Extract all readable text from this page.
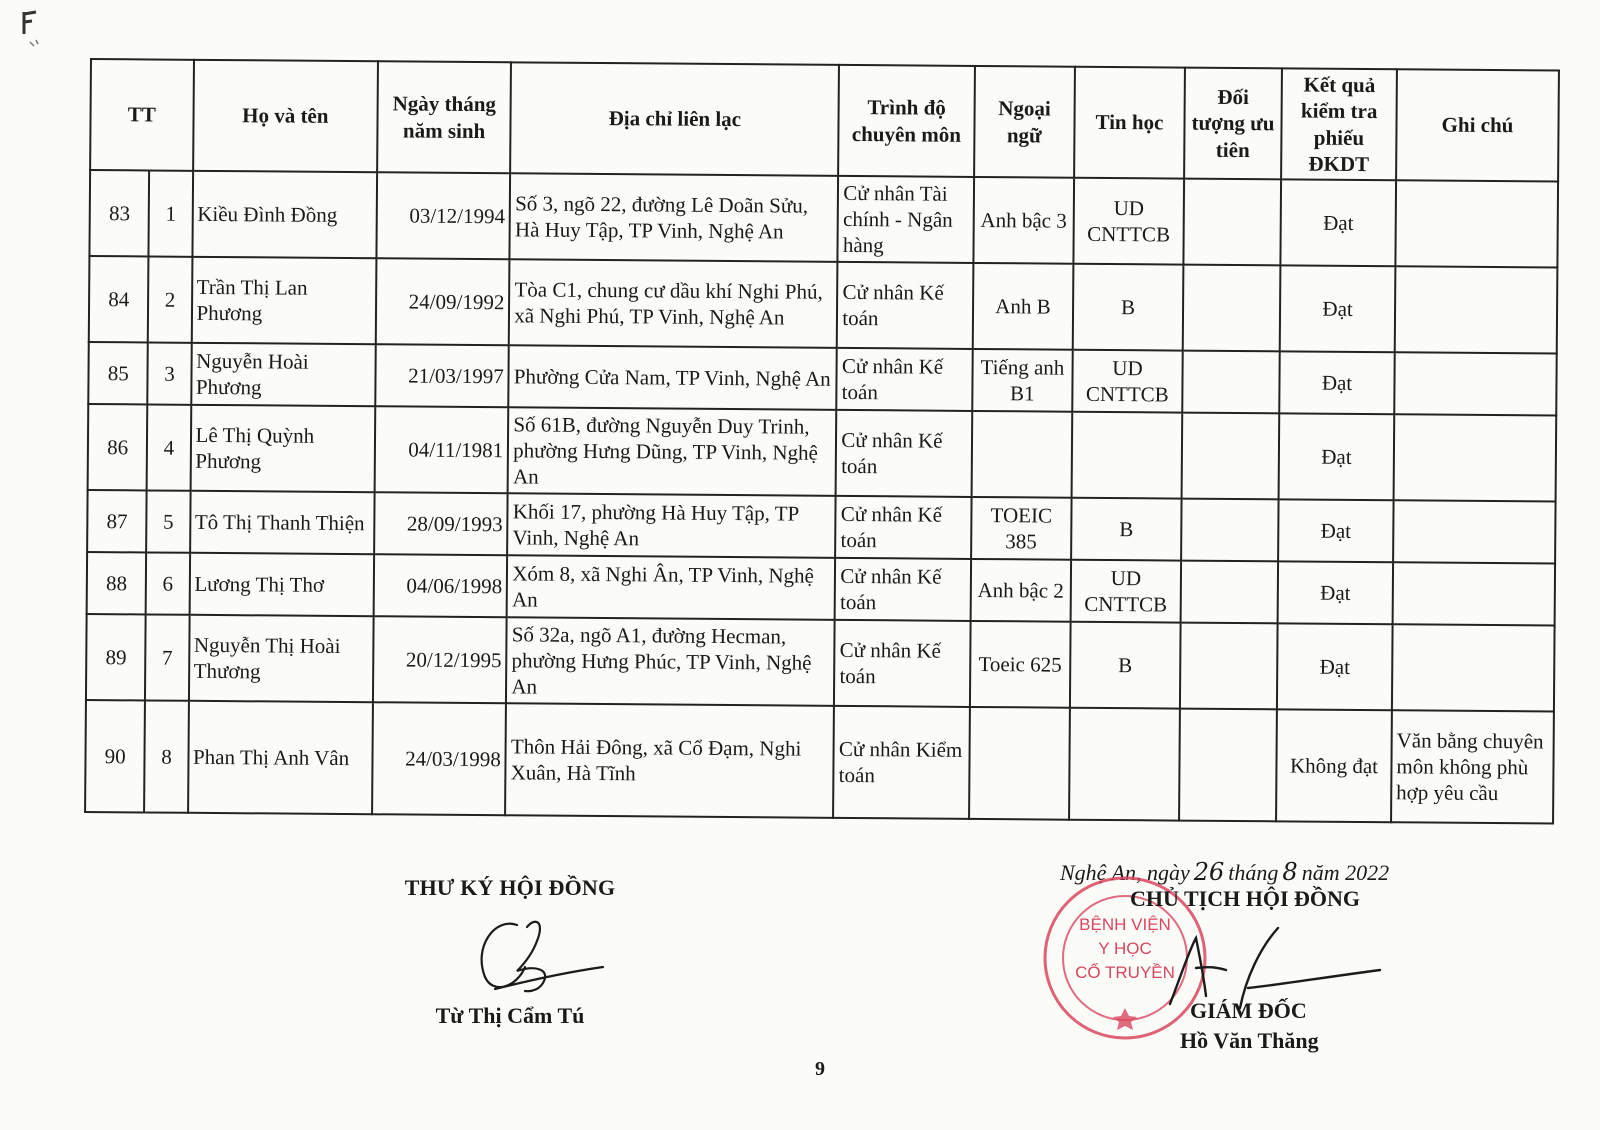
TT		Họ và tên	Ngày tháng năm sinh	Địa chỉ liên lạc	Trình độ chuyên môn	Ngoại ngữ	Tin học	Đối tượng ưu tiên	Kết quả kiểm tra phiếu ĐKDT	Ghi chú
83	1	Kiều Đình Đồng	03/12/1994	Số 3, ngõ 22, đường Lê Doãn Sửu, Hà Huy Tập, TP Vinh, Nghệ An	Cử nhân Tài chính - Ngân hàng	Anh bậc 3	UD CNTTCB		Đạt	
84	2	Trần Thị Lan Phương	24/09/1992	Tòa C1, chung cư dầu khí Nghi Phú, xã Nghi Phú, TP Vinh, Nghệ An	Cử nhân Kế toán	Anh B	B		Đạt	
85	3	Nguyễn Hoài Phương	21/03/1997	Phường Cửa Nam, TP Vinh, Nghệ An	Cử nhân Kế toán	Tiếng anh B1	UD CNTTCB		Đạt	
86	4	Lê Thị Quỳnh Phương	04/11/1981	Số 61B, đường Nguyễn Duy Trinh, phường Hưng Dũng, TP Vinh, Nghệ An	Cử nhân Kế toán				Đạt	
87	5	Tô Thị Thanh Thiện	28/09/1993	Khối 17, phường Hà Huy Tập, TP Vinh, Nghệ An	Cử nhân Kế toán	TOEIC 385	B		Đạt	
88	6	Lương Thị Thơ	04/06/1998	Xóm 8, xã Nghi Ân, TP Vinh, Nghệ An	Cử nhân Kế toán	Anh bậc 2	UD CNTTCB		Đạt	
89	7	Nguyễn Thị Hoài Thương	20/12/1995	Số 32a, ngõ A1, đường Hecman, phường Hưng Phúc, TP Vinh, Nghệ An	Cử nhân Kế toán	Toeic 625	B		Đạt	
90	8	Phan Thị Anh Vân	24/03/1998	Thôn Hải Đông, xã Cổ Đạm, Nghi Xuân, Hà Tĩnh	Cử nhân Kiểm toán				Không đạt	Văn bằng chuyên môn không phù hợp yêu cầu
THƯ KÝ HỘI ĐỒNG
Từ Thị Cẩm Tú
Nghệ An, ngày 26 tháng 8 năm 2022
BỆNH VIỆN
Y HỌC
CỔ TRUYỀN
CHỦ TỊCH HỘI ĐỒNG
GIÁM ĐỐC
Hồ Văn Thăng
9
